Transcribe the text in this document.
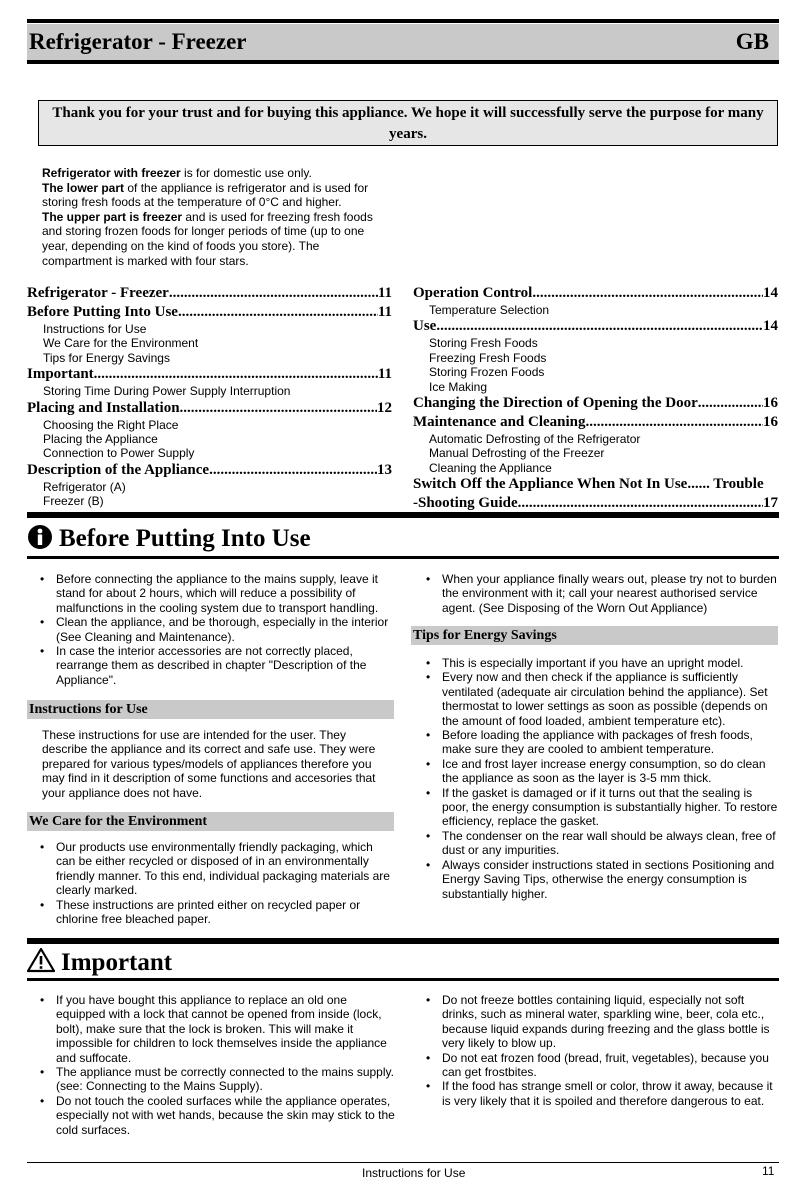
Refrigerator - Freezer	GB
Thank you for your trust and for buying this appliance. We hope it will successfully serve the purpose for many years.
Refrigerator with freezer is for domestic use only.
The lower part of the appliance is refrigerator and is used for storing fresh foods at the temperature of 0°C and higher.
The upper part is freezer and is used for freezing fresh foods and storing frozen foods for longer periods of time (up to one year, depending on the kind of foods you store). The compartment is marked with four stars.
Refrigerator - Freezer .....	11
Before Putting Into Use .....	11
Instructions for Use
We Care for the Environment
Tips for Energy Savings
Important .....	11
Storing Time During Power Supply Interruption
Placing and Installation .....	12
Choosing the Right Place
Placing the Appliance
Connection to Power Supply
Description of the Appliance .....	13
Refrigerator (A)
Freezer (B)
Operation Control .....	14
Temperature Selection
Use .....	14
Storing Fresh Foods
Freezing Fresh Foods
Storing Frozen Foods
Ice Making
Changing the Direction of Opening the Door .....	16
Maintenance and Cleaning .....	16
Automatic Defrosting of the Refrigerator
Manual Defrosting of the Freezer
Cleaning the Appliance
Switch Off the Appliance When Not In Use...... Trouble
-Shooting Guide .....	17
Before Putting Into Use
• Before connecting the appliance to the mains supply, leave it stand for about 2 hours, which will reduce a possibility of malfunctions in the cooling system due to transport handling.
• Clean the appliance, and be thorough, especially in the interior (See Cleaning and Maintenance).
• In case the interior accessories are not correctly placed, rearrange them as described in chapter "Description of the Appliance".
Instructions for Use
These instructions for use are intended for the user. They describe the appliance and its correct and safe use. They were prepared for various types/models of appliances therefore you may find in it description of some functions and accesories that your appliance does not have.
We Care for the Environment
• Our products use environmentally friendly packaging, which can be either recycled or disposed of in an environmentally friendly manner. To this end, individual packaging materials are clearly marked.
• These instructions are printed either on recycled paper or chlorine free bleached paper.
• When your appliance finally wears out, please try not to burden the environment with it; call your nearest authorised service agent. (See Disposing of the Worn Out Appliance)
Tips for Energy Savings
• This is especially important if you have an upright model.
• Every now and then check if the appliance is sufficiently ventilated (adequate air circulation behind the appliance). Set thermostat to lower settings as soon as possible (depends on the amount of food loaded, ambient temperature etc).
• Before loading the appliance with packages of fresh foods, make sure they are cooled to ambient temperature.
• Ice and frost layer increase energy consumption, so do clean the appliance as soon as the layer is 3-5 mm thick.
• If the gasket is damaged or if it turns out that the sealing is poor, the energy consumption is substantially higher. To restore efficiency, replace the gasket.
• The condenser on the rear wall should be always clean, free of dust or any impurities.
• Always consider instructions stated in sections Positioning and Energy Saving Tips, otherwise the energy consumption is substantially higher.
Important
• If you have bought this appliance to replace an old one equipped with a lock that cannot be opened from inside (lock, bolt), make sure that the lock is broken. This will make it impossible for children to lock themselves inside the appliance and suffocate.
• The appliance must be correctly connected to the mains supply. (see: Connecting to the Mains Supply).
• Do not touch the cooled surfaces while the appliance operates, especially not with wet hands, because the skin may stick to the cold surfaces.
• Do not freeze bottles containing liquid, especially not soft drinks, such as mineral water, sparkling wine, beer, cola etc., because liquid expands during freezing and the glass bottle is very likely to blow up.
• Do not eat frozen food (bread, fruit, vegetables), because you can get frostbites.
• If the food has strange smell or color, throw it away, because it is very likely that it is spoiled and therefore dangerous to eat.
Instructions for Use	11
